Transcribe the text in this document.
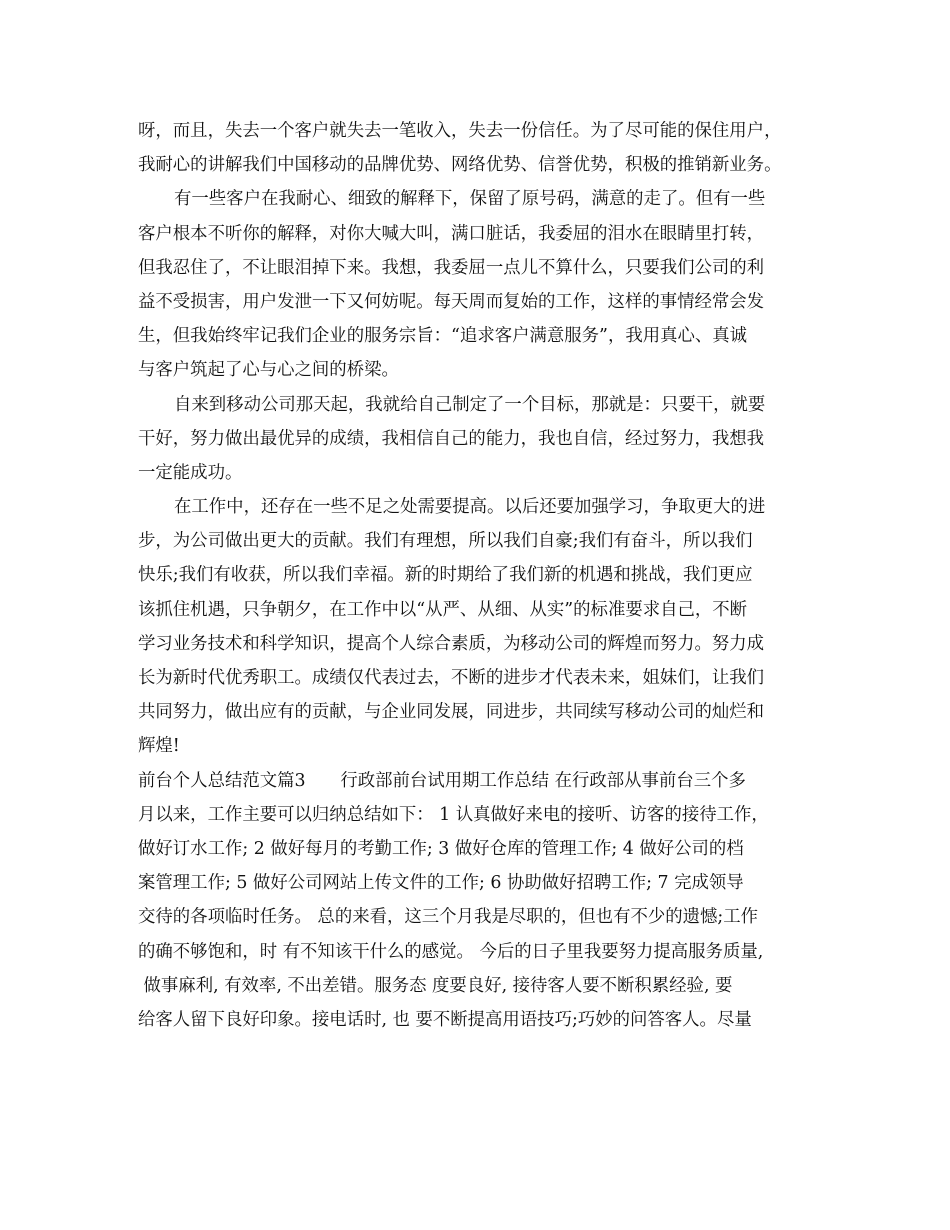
呀，而且，失去一个客户就失去一笔收入，失去一份信任。为了尽可能的保住用户，
我耐心的讲解我们中国移动的品牌优势、网络优势、信誉优势，积极的推销新业务。
有一些客户在我耐心、细致的解释下，保留了原号码，满意的走了。但有一些
客户根本不听你的解释，对你大喊大叫，满口脏话，我委屈的泪水在眼睛里打转，
但我忍住了，不让眼泪掉下来。我想，我委屈一点儿不算什么，只要我们公司的利
益不受损害，用户发泄一下又何妨呢。每天周而复始的工作，这样的事情经常会发
生，但我始终牢记我们企业的服务宗旨：“追求客户满意服务”，我用真心、真诚
与客户筑起了心与心之间的桥梁。
自来到移动公司那天起，我就给自己制定了一个目标，那就是：只要干，就要
干好，努力做出最优异的成绩，我相信自己的能力，我也自信，经过努力，我想我
一定能成功。
在工作中，还存在一些不足之处需要提高。以后还要加强学习，争取更大的进
步，为公司做出更大的贡献。我们有理想，所以我们自豪;我们有奋斗，所以我们
快乐;我们有收获，所以我们幸福。新的时期给了我们新的机遇和挑战，我们更应
该抓住机遇，只争朝夕，在工作中以“从严、从细、从实”的标准要求自己，不断
学习业务技术和科学知识，提高个人综合素质，为移动公司的辉煌而努力。努力成
长为新时代优秀职工。成绩仅代表过去，不断的进步才代表未来，姐妹们，让我们
共同努力，做出应有的贡献，与企业同发展，同进步，共同续写移动公司的灿烂和
辉煌!
前台个人总结范文篇3　　行政部前台试用期工作总结 在行政部从事前台三个多
月以来，工作主要可以归纳总结如下： 1 认真做好来电的接听、访客的接待工作，
做好订水工作; 2 做好每月的考勤工作; 3 做好仓库的管理工作; 4 做好公司的档
案管理工作; 5 做好公司网站上传文件的工作; 6 协助做好招聘工作; 7 完成领导
交待的各项临时任务。 总的来看，这三个月我是尽职的，但也有不少的遗憾;工作
的确不够饱和，时 有不知该干什么的感觉。 今后的日子里我要努力提高服务质量,
做事麻利, 有效率, 不出差错。服务态 度要良好, 接待客人要不断积累经验, 要
给客人留下良好印象。接电话时, 也 要不断提高用语技巧;巧妙的问答客人。尽量
